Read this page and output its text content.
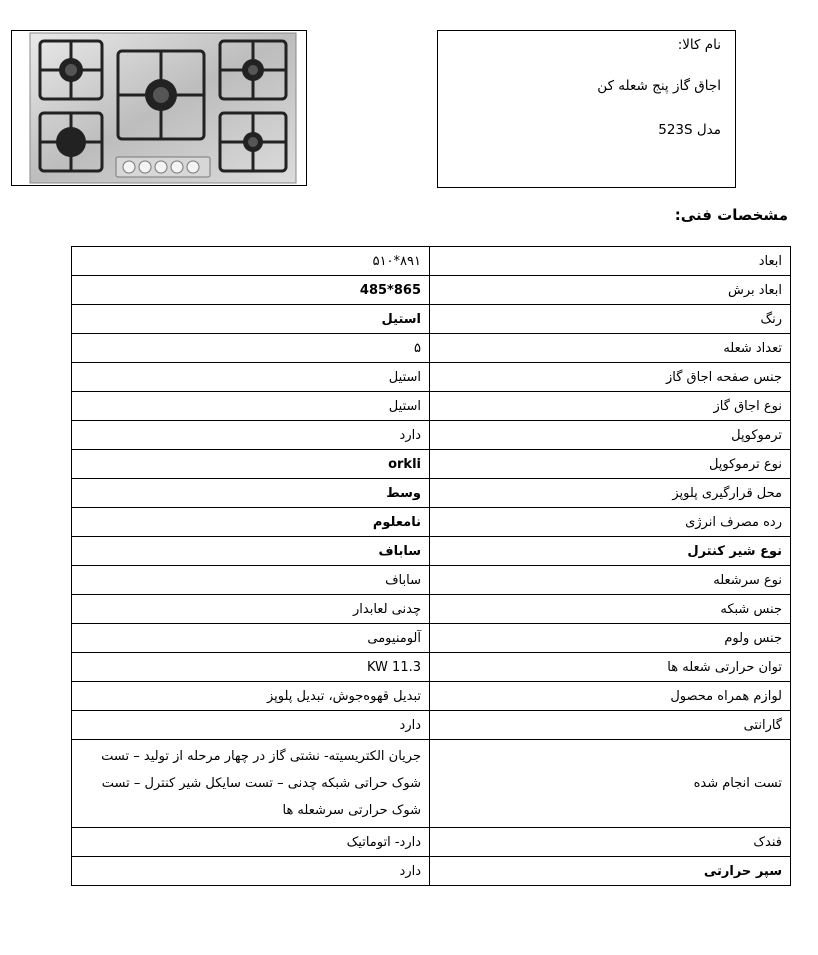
نام کالا:
اجاق گاز پنج شعله کن
مدل 523S
مشخصات فنی:
ابعاد	۸۹۱*۵۱۰
ابعاد برش	865*485
رنگ	استیل
تعداد شعله	۵
جنس صفحه اجاق گاز	استیل
نوع اجاق گاز	استیل
ترموکوپل	دارد
نوع ترموکوپل	orkli
محل قرارگیری پلوپز	وسط
رده مصرف انرژی	نامعلوم
نوع شیر کنترل	ساباف
نوع سرشعله	ساباف
جنس شبکه	چدنی لعابدار
جنس ولوم	آلومنیومی
توان حرارتی شعله ها	11.3 KW
لوازم همراه محصول	تبدیل قهوه‌جوش، تبدیل پلوپز
گارانتی	دارد
تست انجام شده	جریان الکتریسیته- نشتی گاز در چهار مرحله از تولید – تست شوک حراتی شبکه چدنی – تست سایکل شیر کنترل – تست شوک حرارتی سرشعله ها
فندک	دارد- اتوماتیک
سپر حرارتی	دارد
